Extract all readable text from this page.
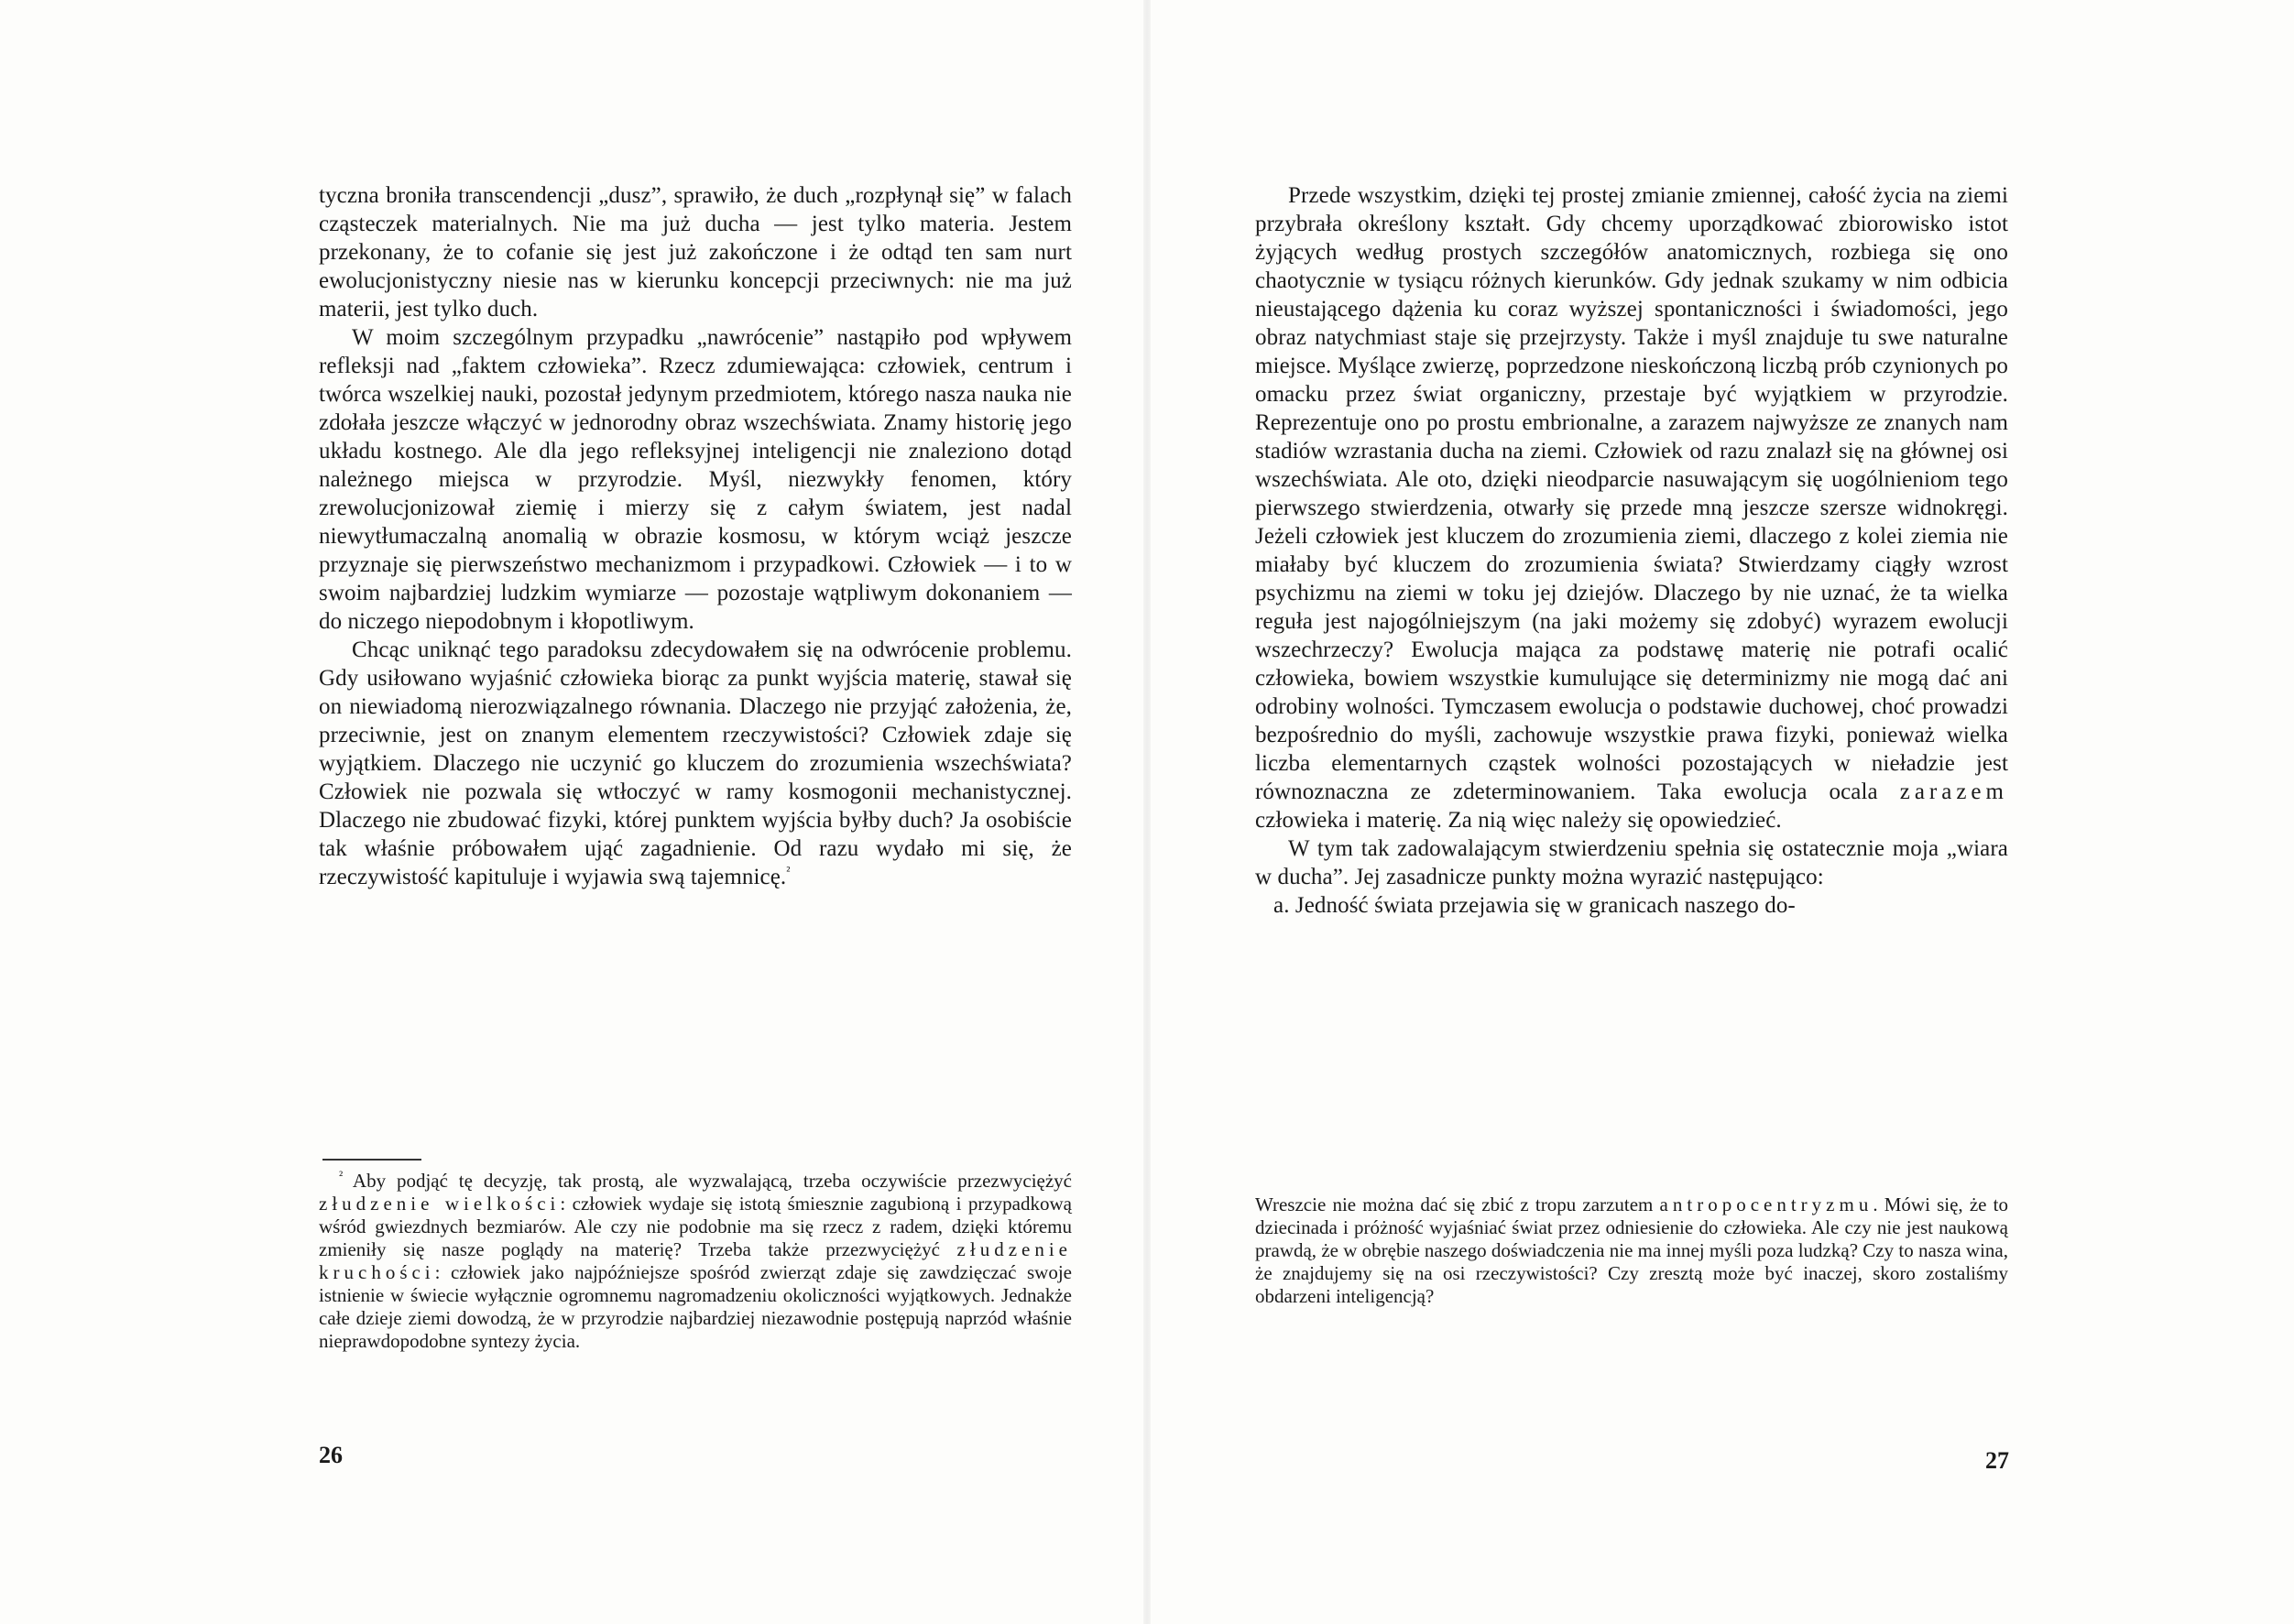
tyczna broniła transcendencji „dusz”, sprawiło, że duch „rozpłynął się” w falach cząsteczek materialnych. Nie ma już ducha — jest tylko materia. Jestem przekonany, że to cofanie się jest już zakończone i że odtąd ten sam nurt ewolucjonistyczny niesie nas w kierunku koncepcji przeciwnych: nie ma już materii, jest tylko duch.

W moim szczególnym przypadku „nawrócenie” nastąpiło pod wpływem refleksji nad „faktem człowieka”. Rzecz zdumiewająca: człowiek, centrum i twórca wszelkiej nauki, pozostał jedynym przedmiotem, którego nasza nauka nie zdołała jeszcze włączyć w jednorodny obraz wszechświata. Znamy historię jego układu kostnego. Ale dla jego refleksyjnej inteligencji nie znaleziono dotąd należnego miejsca w przyrodzie. Myśl, niezwykły fenomen, który zrewolucjonizował ziemię i mierzy się z całym światem, jest nadal niewytłumaczalną anomalią w obrazie kosmosu, w którym wciąż jeszcze przyznaje się pierwszeństwo mechanizmom i przypadkowi. Człowiek — i to w swoim najbardziej ludzkim wymiarze — pozostaje wątpliwym dokonaniem — do niczego niepodobnym i kłopotliwym.

Chcąc uniknąć tego paradoksu zdecydowałem się na odwrócenie problemu. Gdy usiłowano wyjaśnić człowieka biorąc za punkt wyjścia materię, stawał się on niewiadomą nierozwiązalnego równania. Dlaczego nie przyjąć założenia, że, przeciwnie, jest on znanym elementem rzeczywistości? Człowiek zdaje się wyjątkiem. Dlaczego nie uczynić go kluczem do zrozumienia wszechświata? Człowiek nie pozwala się wtłoczyć w ramy kosmogonii mechanistycznej. Dlaczego nie zbudować fizyki, której punktem wyjścia byłby duch? Ja osobiście tak właśnie próbowałem ująć zagadnienie. Od razu wydało mi się, że rzeczywistość kapituluje i wyjawia swą tajemnicę.$^{^2}$

$^{^2}$ Aby podjąć tę decyzję, tak prostą, ale wyzwalającą, trzeba oczywiście przezwyciężyć złudzenie wielkości: człowiek wydaje się istotą śmiesznie zagubioną i przypadkową wśród gwiezdnych bezmiarów. Ale czy nie podobnie ma się rzecz z radem, dzięki któremu zmieniły się nasze poglądy na materię? Trzeba także przezwyciężyć złudzenie kruchości: człowiek jako najpóźniejsze spośród zwierząt zdaje się zawdzięczać swoje istnienie w świecie wyłącznie ogromnemu nagromadzeniu okoliczności wyjątkowych. Jednakże całe dzieje ziemi dowodzą, że w przyrodzie najbardziej niezawodnie postępują naprzód właśnie nieprawdopodobne syntezy życia.

26

Przede wszystkim, dzięki tej prostej zmianie zmiennej, całość życia na ziemi przybrała określony kształt. Gdy chcemy uporządkować zbiorowisko istot żyjących według prostych szczegółów anatomicznych, rozbiega się ono chaotycznie w tysiącu różnych kierunków. Gdy jednak szukamy w nim odbicia nieustającego dążenia ku coraz wyższej spontaniczności i świadomości, jego obraz natychmiast staje się przejrzysty. Także i myśl znajduje tu swe naturalne miejsce. Myślące zwierzę, poprzedzone nieskończoną liczbą prób czynionych po omacku przez świat organiczny, przestaje być wyjątkiem w przyrodzie. Reprezentuje ono po prostu embrionalne, a zarazem najwyższe ze znanych nam stadiów wzrastania ducha na ziemi. Człowiek od razu znalazł się na głównej osi wszechświata. Ale oto, dzięki nieodparcie nasuwającym się uogólnieniom tego pierwszego stwierdzenia, otwarły się przede mną jeszcze szersze widnokręgi. Jeżeli człowiek jest kluczem do zrozumienia ziemi, dlaczego z kolei ziemia nie miałaby być kluczem do zrozumienia świata? Stwierdzamy ciągły wzrost psychizmu na ziemi w toku jej dziejów. Dlaczego by nie uznać, że ta wielka reguła jest najogólniejszym (na jaki możemy się zdobyć) wyrazem ewolucji wszechrzeczy? Ewolucja mająca za podstawę materię nie potrafi ocalić człowieka, bowiem wszystkie kumulujące się determinizmy nie mogą dać ani odrobiny wolności. Tymczasem ewolucja o podstawie duchowej, choć prowadzi bezpośrednio do myśli, zachowuje wszystkie prawa fizyki, ponieważ wielka liczba elementarnych cząstek wolności pozostających w nieładzie jest równoznaczna ze zdeterminowaniem. Taka ewolucja ocala zarazem człowieka i materię. Za nią więc należy się opowiedzieć.

W tym tak zadowalającym stwierdzeniu spełnia się ostatecznie moja „wiara w ducha”. Jej zasadnicze punkty można wyrazić następująco:

a. Jedność świata przejawia się w granicach naszego do-

Wreszcie nie można dać się zbić z tropu zarzutem antropocentryzmu. Mówi się, że to dziecinada i próżność wyjaśniać świat przez odniesienie do człowieka. Ale czy nie jest naukową prawdą, że w obrębie naszego doświadczenia nie ma innej myśli poza ludzką? Czy to nasza wina, że znajdujemy się na osi rzeczywistości? Czy zresztą może być inaczej, skoro zostaliśmy obdarzeni inteligencją?

27
